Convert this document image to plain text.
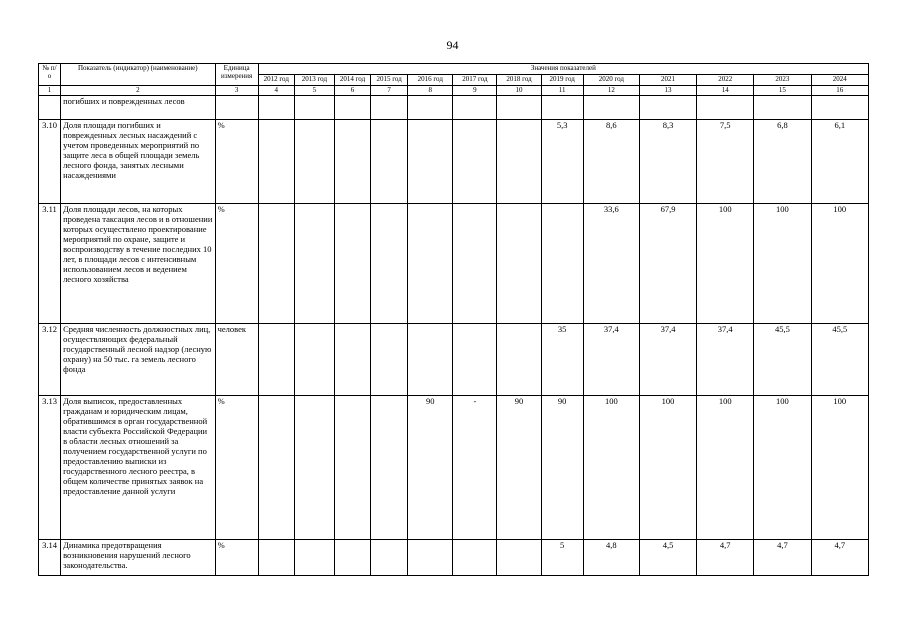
94
№ п/о	Показатель (индикатор) (наименование)	Единица измерения	Значения показателей												
			2012 год	2013 год	2014 год	2015 год	2016 год	2017 год	2018 год	2019 год	2020 год	2021	2022	2023	2024
1	2	3	4	5	6	7	8	9	10	11	12	13	14	15	16
	погибших и поврежденных лесов														
3.10	Доля площади погибших и поврежденных лесных насаждений с учетом проведенных мероприятий по защите леса в общей площади земель лесного фонда, занятых лесными насаждениями	%								5,3	8,6	8,3	7,5	6,8	6,1
3.11	Доля площади лесов, на которых проведена таксация лесов и в отношении которых осуществлено проектирование мероприятий по охране, защите и воспроизводству в течение последних 10 лет, в площади лесов с интенсивным использованием лесов и ведением лесного хозяйства	%									33,6	67,9	100	100	100
3.12	Средняя численность должностных лиц, осуществляющих федеральный государственный лесной надзор (лесную охрану) на 50 тыс. га земель лесного фонда	человек								35	37,4	37,4	37,4	45,5	45,5
3.13	Доля выписок, предоставленных гражданам и юридическим лицам, обратившимся в орган государственной власти субъекта Российской Федерации в области лесных отношений за получением государственной услуги по предоставлению выписки из государственного лесного реестра, в общем количестве принятых заявок на предоставление данной услуги	%					90	-	90	90	100	100	100	100	100
3.14	Динамика предотвращения возникновения нарушений лесного законодательства.	%								5	4,8	4,5	4,7	4,7	4,7
